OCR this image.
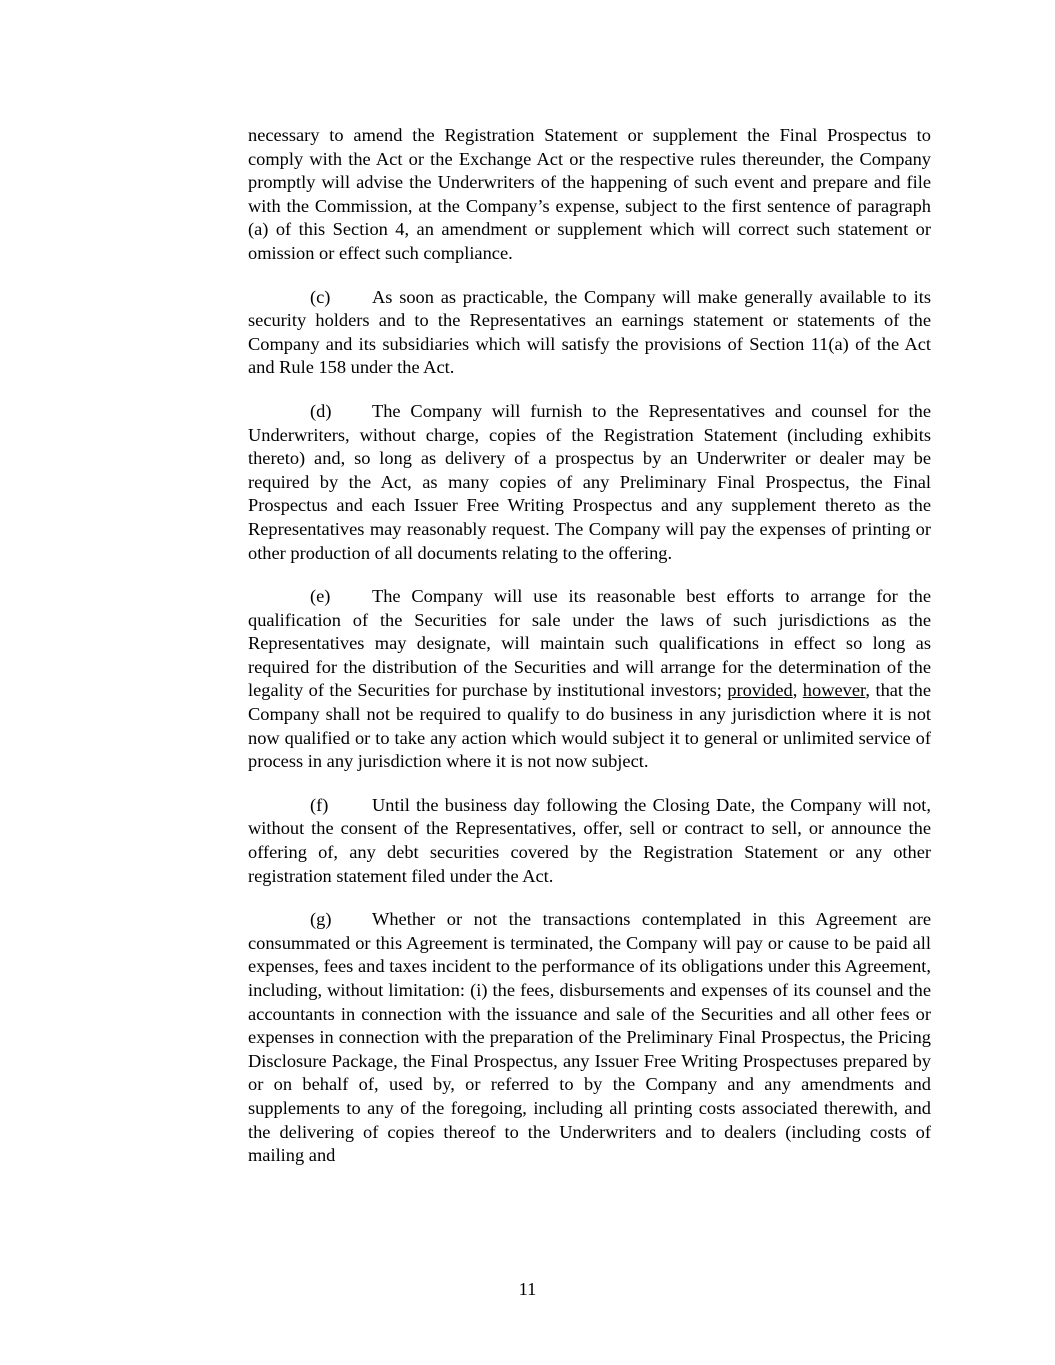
necessary to amend the Registration Statement or supplement the Final Prospectus to comply with the Act or the Exchange Act or the respective rules thereunder, the Company promptly will advise the Underwriters of the happening of such event and prepare and file with the Commission, at the Company’s expense, subject to the first sentence of paragraph (a) of this Section 4, an amendment or supplement which will correct such statement or omission or effect such compliance.

(c) As soon as practicable, the Company will make generally available to its security holders and to the Representatives an earnings statement or statements of the Company and its subsidiaries which will satisfy the provisions of Section 11(a) of the Act and Rule 158 under the Act.

(d) The Company will furnish to the Representatives and counsel for the Underwriters, without charge, copies of the Registration Statement (including exhibits thereto) and, so long as delivery of a prospectus by an Underwriter or dealer may be required by the Act, as many copies of any Preliminary Final Prospectus, the Final Prospectus and each Issuer Free Writing Prospectus and any supplement thereto as the Representatives may reasonably request. The Company will pay the expenses of printing or other production of all documents relating to the offering.

(e) The Company will use its reasonable best efforts to arrange for the qualification of the Securities for sale under the laws of such jurisdictions as the Representatives may designate, will maintain such qualifications in effect so long as required for the distribution of the Securities and will arrange for the determination of the legality of the Securities for purchase by institutional investors; provided, however, that the Company shall not be required to qualify to do business in any jurisdiction where it is not now qualified or to take any action which would subject it to general or unlimited service of process in any jurisdiction where it is not now subject.

(f) Until the business day following the Closing Date, the Company will not, without the consent of the Representatives, offer, sell or contract to sell, or announce the offering of, any debt securities covered by the Registration Statement or any other registration statement filed under the Act.

(g) Whether or not the transactions contemplated in this Agreement are consummated or this Agreement is terminated, the Company will pay or cause to be paid all expenses, fees and taxes incident to the performance of its obligations under this Agreement, including, without limitation: (i) the fees, disbursements and expenses of its counsel and the accountants in connection with the issuance and sale of the Securities and all other fees or expenses in connection with the preparation of the Preliminary Final Prospectus, the Pricing Disclosure Package, the Final Prospectus, any Issuer Free Writing Prospectuses prepared by or on behalf of, used by, or referred to by the Company and any amendments and supplements to any of the foregoing, including all printing costs associated therewith, and the delivering of copies thereof to the Underwriters and to dealers (including costs of mailing and

11
